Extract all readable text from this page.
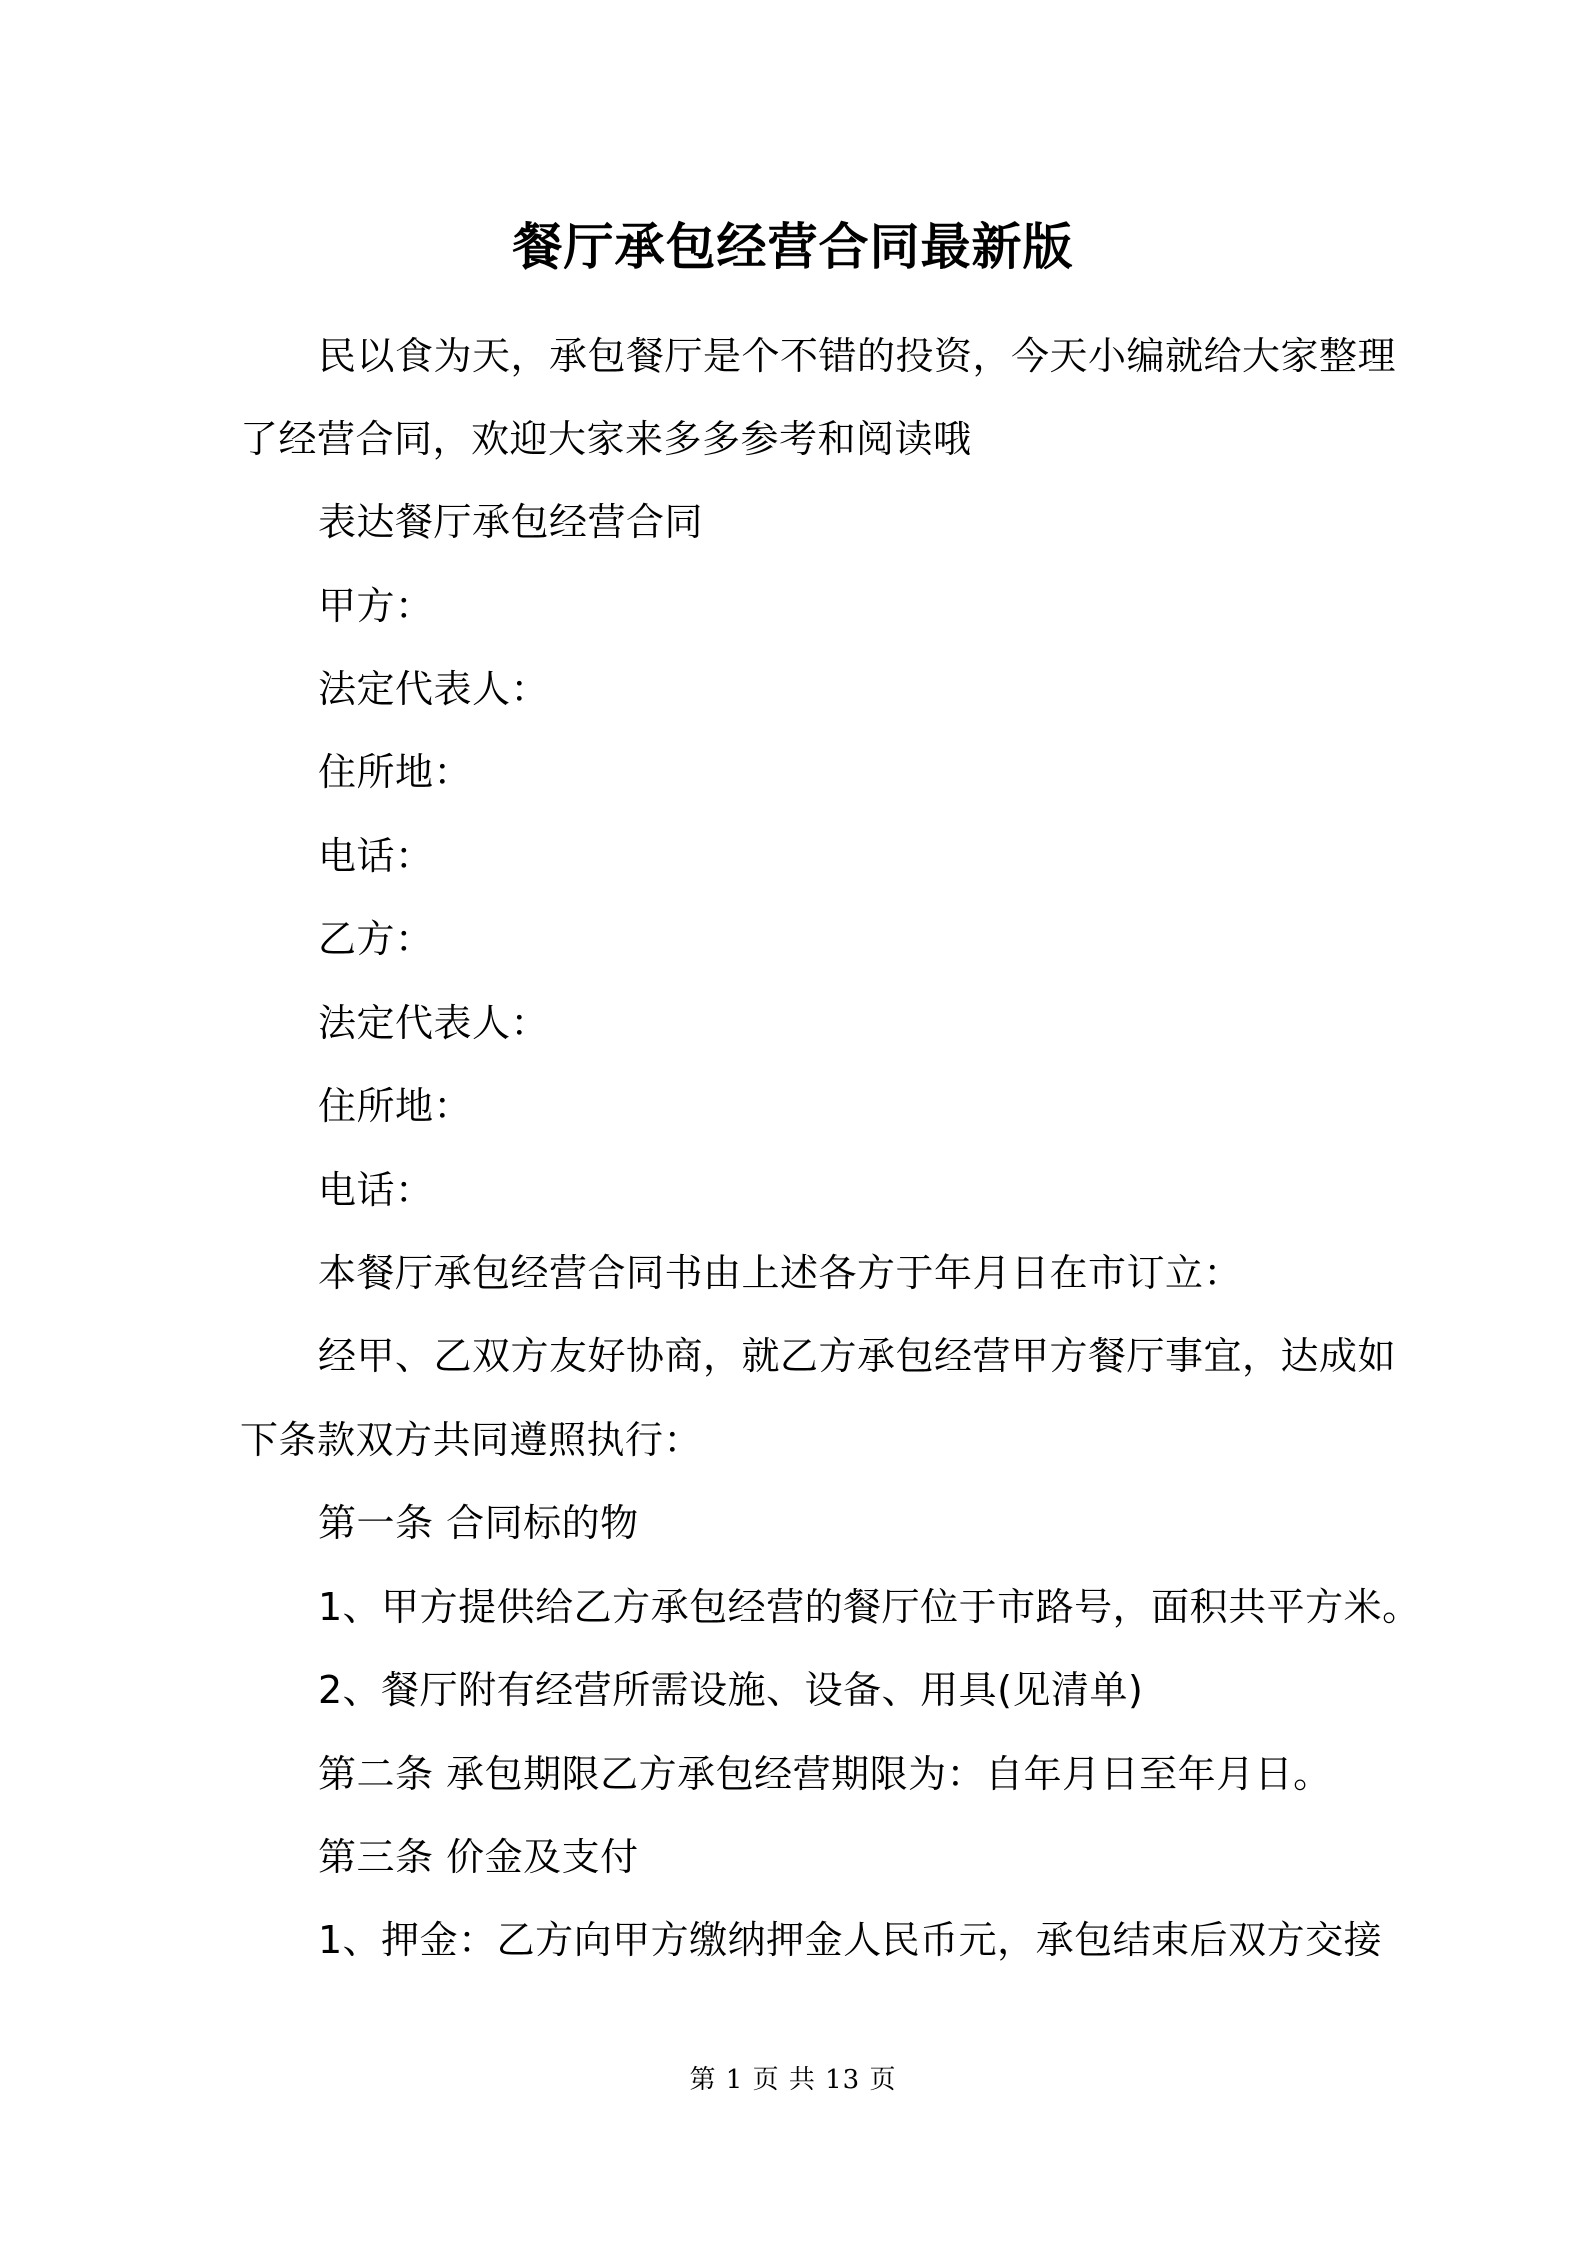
餐厅承包经营合同最新版
民以食为天，承包餐厅是个不错的投资，今天小编就给大家整理
了经营合同，欢迎大家来多多参考和阅读哦
表达餐厅承包经营合同
甲方：
法定代表人：
住所地：
电话：
乙方：
法定代表人：
住所地：
电话：
本餐厅承包经营合同书由上述各方于年月日在市订立：
经甲、乙双方友好协商，就乙方承包经营甲方餐厅事宜，达成如
下条款双方共同遵照执行：
第一条 合同标的物
1、甲方提供给乙方承包经营的餐厅位于市路号，面积共平方米。
2、餐厅附有经营所需设施、设备、用具(见清单)
第二条 承包期限乙方承包经营期限为：自年月日至年月日。
第三条 价金及支付
1、押金：乙方向甲方缴纳押金人民币元，承包结束后双方交接
第 1 页 共 13 页
